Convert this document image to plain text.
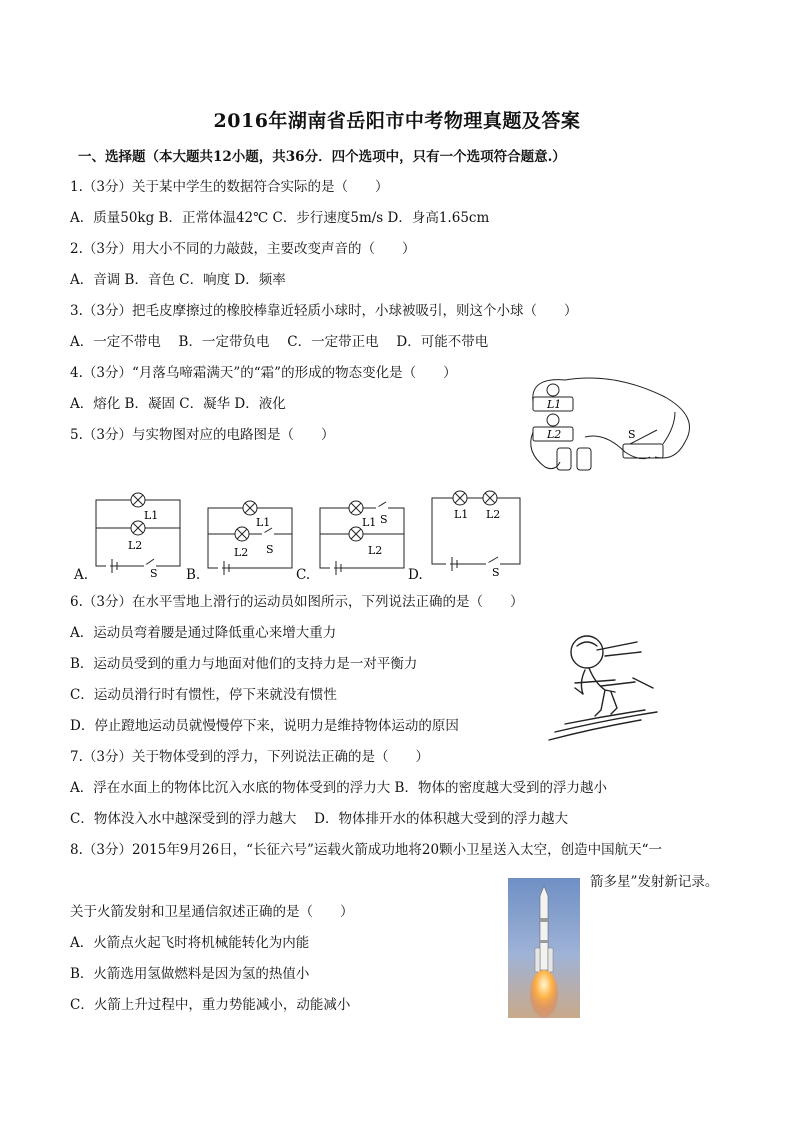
2016年湖南省岳阳市中考物理真题及答案
一、选择题（本大题共12小题，共36分．四个选项中，只有一个选项符合题意.）
1.（3分）关于某中学生的数据符合实际的是（　　）
A．质量50kg B．正常体温42℃ C．步行速度5m/s D．身高1.65cm
2.（3分）用大小不同的力敲鼓，主要改变声音的（　　）
A．音调 B．音色 C．响度 D．频率
3.（3分）把毛皮摩擦过的橡胶棒靠近轻质小球时，小球被吸引，则这个小球（　　）
A．一定不带电　 B．一定带负电　 C．一定带正电　 D．可能不带电
4.（3分）“月落乌啼霜满天”的“霜”的形成的物态变化是（　　）
A．熔化 B．凝固 C．凝华 D．液化
5.（3分）与实物图对应的电路图是（　　）
L1
L2	S
A.
L1
L2
S B.
L1
L2 S
C.
L1 S
L2
D.
L1 L2
S
6.（3分）在水平雪地上滑行的运动员如图所示，下列说法正确的是（　　）
A．运动员弯着腰是通过降低重心来增大重力
B．运动员受到的重力与地面对他们的支持力是一对平衡力
C．运动员滑行时有惯性，停下来就没有惯性
D．停止蹬地运动员就慢慢停下来，说明力是维持物体运动的原因
7.（3分）关于物体受到的浮力，下列说法正确的是（　　）
A．浮在水面上的物体比沉入水底的物体受到的浮力大 B．物体的密度越大受到的浮力越小
C．物体没入水中越深受到的浮力越大　 D．物体排开水的体积越大受到的浮力越大
8.（3分）2015年9月26日，“长征六号”运载火箭成功地将20颗小卫星送入太空，创造中国航天“一
箭多星”发射新记录。
关于火箭发射和卫星通信叙述正确的是（　　）
A．火箭点火起飞时将机械能转化为内能
B．火箭选用氢做燃料是因为氢的热值小
C．火箭上升过程中，重力势能减小，动能减小
